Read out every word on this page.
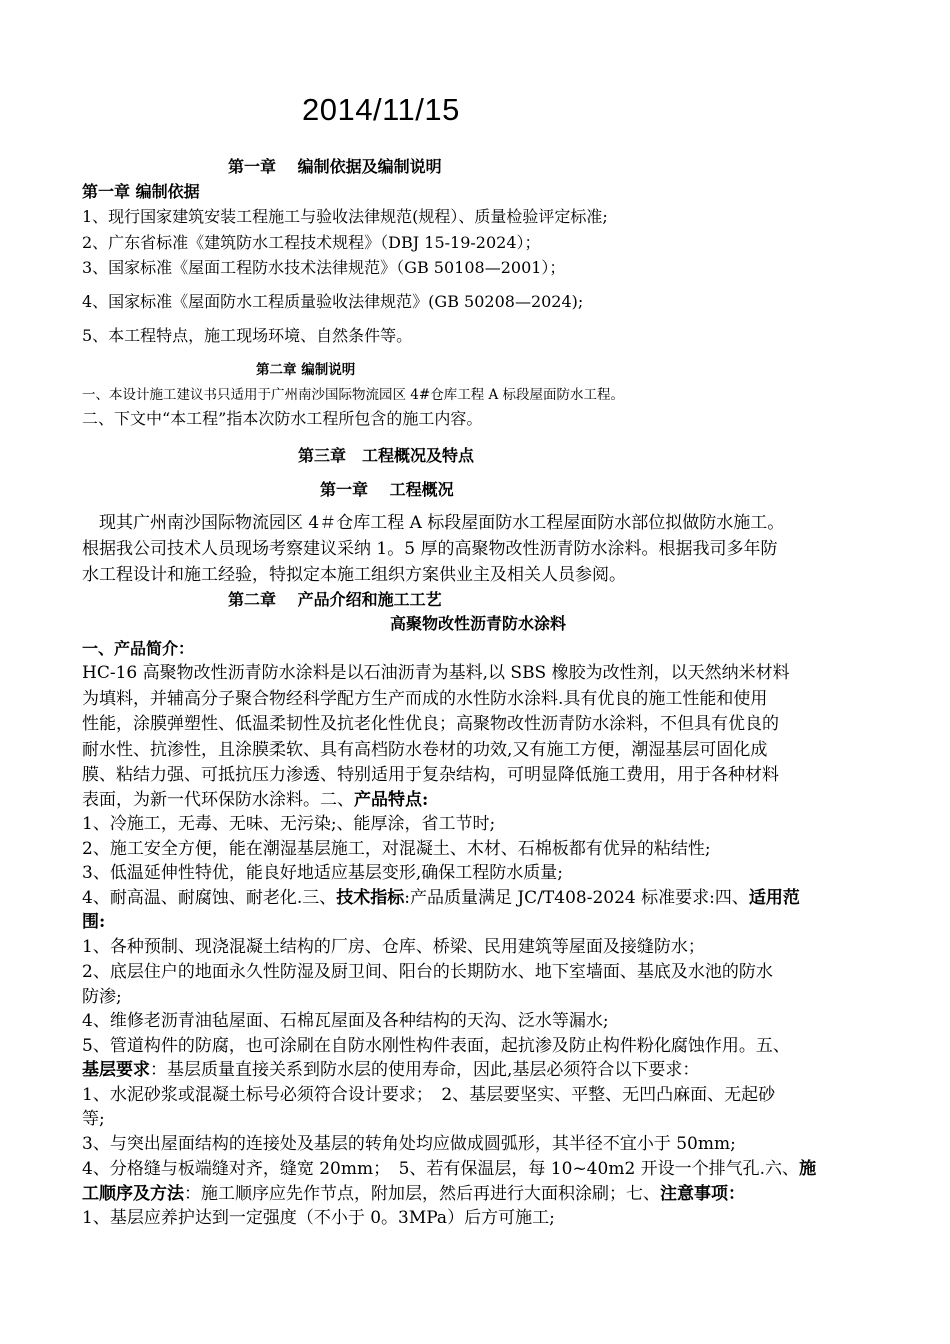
2014/11/15
第一章　 编制依据及编制说明
第一章 编制依据
1、现行国家建筑安装工程施工与验收法律规范(规程）、质量检验评定标准;
2、广东省标准《建筑防水工程技术规程》（DBJ 15-19-2024）；
3、国家标准《屋面工程防水技术法律规范》（GB 50108—2001）；
4、国家标准《屋面防水工程质量验收法律规范》(GB 50208—2024);
5、本工程特点，施工现场环境、自然条件等。
第二章 编制说明
一、本设计施工建议书只适用于广州南沙国际物流园区 4#仓库工程 A 标段屋面防水工程。
二、下文中“本工程”指本次防水工程所包含的施工内容。
第三章　工程概况及特点
第一章　 工程概况
　现其广州南沙国际物流园区 4＃仓库工程 A 标段屋面防水工程屋面防水部位拟做防水施工。
根据我公司技术人员现场考察建议采纳 1。5 厚的高聚物改性沥青防水涂料。根据我司多年防
水工程设计和施工经验，特拟定本施工组织方案供业主及相关人员参阅。
第二章　 产品介绍和施工工艺
高聚物改性沥青防水涂料
一、产品简介：
HC-16 高聚物改性沥青防水涂料是以石油沥青为基料,以 SBS 橡胶为改性剂，以天然纳米材料
为填料，并辅高分子聚合物经科学配方生产而成的水性防水涂料.具有优良的施工性能和使用
性能，涂膜弹塑性、低温柔韧性及抗老化性优良；高聚物改性沥青防水涂料，不但具有优良的
耐水性、抗渗性，且涂膜柔软、具有高档防水卷材的功效,又有施工方便，潮湿基层可固化成
膜、粘结力强、可抵抗压力渗透、特别适用于复杂结构，可明显降低施工费用，用于各种材料
表面，为新一代环保防水涂料。二、产品特点:
1、冷施工，无毒、无味、无污染;、能厚涂，省工节时;
2、施工安全方便，能在潮湿基层施工，对混凝土、木材、石棉板都有优异的粘结性;
3、低温延伸性特优，能良好地适应基层变形,确保工程防水质量;
4、耐高温、耐腐蚀、耐老化.三、技术指标:产品质量满足 JC/T408-2024 标准要求:四、适用范
围:
1、各种预制、现浇混凝土结构的厂房、仓库、桥梁、民用建筑等屋面及接缝防水；
2、底层住户的地面永久性防湿及厨卫间、阳台的长期防水、地下室墙面、基底及水池的防水
防渗;
4、维修老沥青油毡屋面、石棉瓦屋面及各种结构的天沟、泛水等漏水;
5、管道构件的防腐，也可涂刷在自防水刚性构件表面，起抗渗及防止构件粉化腐蚀作用。五、
基层要求：基层质量直接关系到防水层的使用寿命，因此,基层必须符合以下要求：
1、水泥砂浆或混凝土标号必须符合设计要求；　2、基层要坚实、平整、无凹凸麻面、无起砂
等;
3、与突出屋面结构的连接处及基层的转角处均应做成圆弧形，其半径不宜小于 50mm;
4、分格缝与板端缝对齐，缝宽 20mm；　5、若有保温层，每 10~40m2 开设一个排气孔.六、施
工顺序及方法：施工顺序应先作节点，附加层，然后再进行大面积涂刷；七、注意事项：
1、基层应养护达到一定强度（不小于 0。3MPa）后方可施工;
